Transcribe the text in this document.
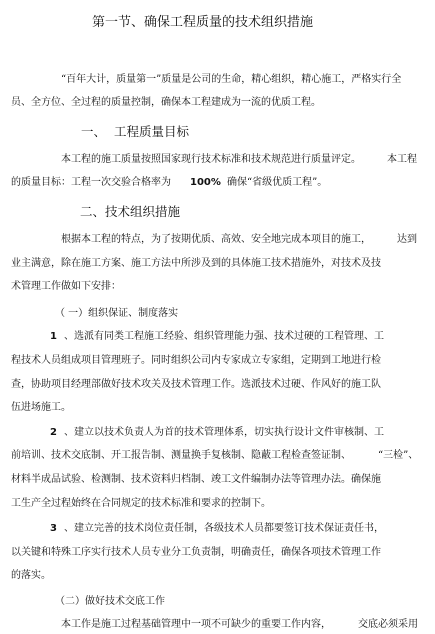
第一节、确保工程质量的技术组织措施
“百年大计，质量第一”质量是公司的生命，精心组织，精心施工，严格实行全
员、全方位、全过程的质量控制，确保本工程建成为一流的优质工程。
一、 工程质量目标
本工程的施工质量按照国家现行技术标准和技术规范进行质量评定。	本工程
的质量目标：工程一次交验合格率为 100% 确保“省级优质工程”。
二、技术组织措施
根据本工程的特点，为了按期优质、高效、安全地完成本项目的施工，	达到
业主满意，除在施工方案、施工方法中所涉及到的具体施工技术措施外，对技术及技
术管理工作做如下安排：
（ 一）组织保证、制度落实
1 、选派有同类工程施工经验、组织管理能力强、技术过硬的工程管理、工
程技术人员组成项目管理班子。同时组织公司内专家成立专家组，定期到工地进行检
查，协助项目经理部做好技术攻关及技术管理工作。选派技术过硬、作风好的施工队
伍进场施工。
2 、建立以技术负责人为首的技术管理体系，切实执行设计文件审核制、工
前培训、技术交底制、开工报告制、测量换手复核制、隐蔽工程检查签证制、	“三检”、
材料半成品试验、检测制、技术资料归档制、竣工文件编制办法等管理办法。确保施
工生产全过程始终在合同规定的技术标准和要求的控制下。
3 、建立完善的技术岗位责任制，各级技术人员都要签订技术保证责任书，
以关键和特殊工序实行技术人员专业分工负责制，明确责任，确保各项技术管理工作
的落实。
（二）做好技术交底工作
本工作是施工过程基础管理中一项不可缺少的重要工作内容，	交底必须采用
